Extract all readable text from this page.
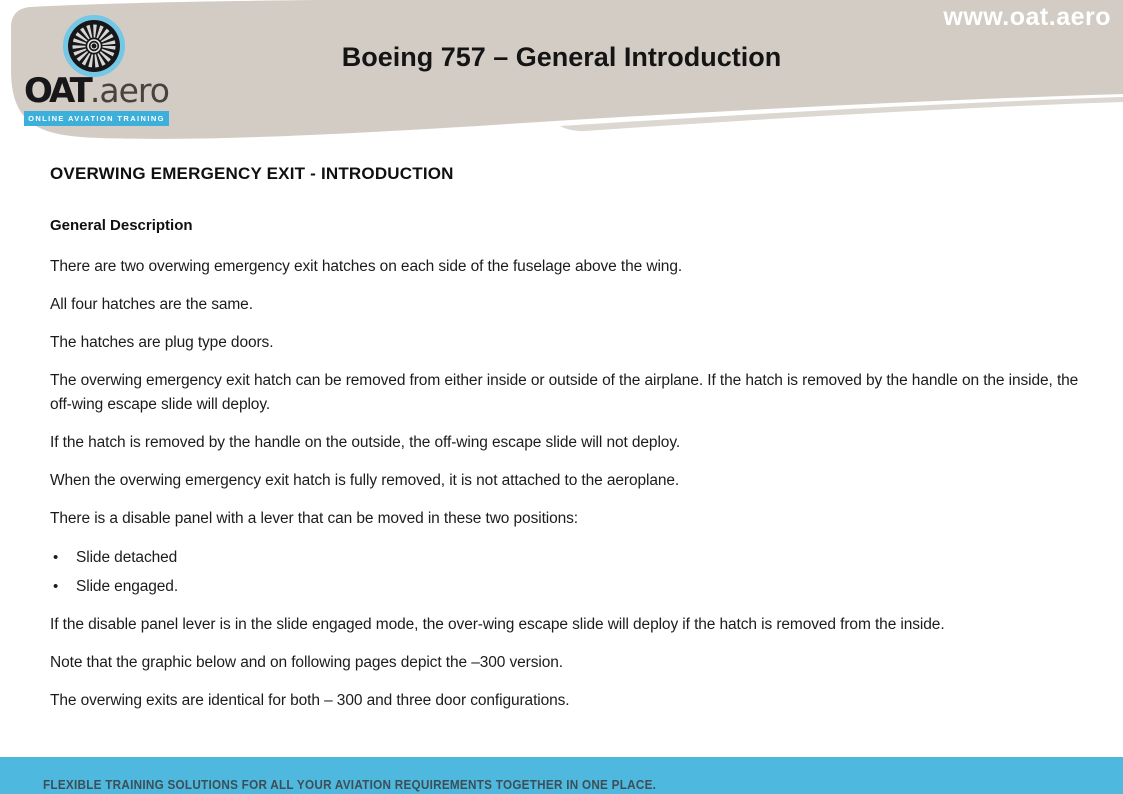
OAT.aero
ONLINE AVIATION TRAINING
Boeing 757 – General Introduction
www.oat.aero
OVERWING EMERGENCY EXIT - INTRODUCTION
General Description

There are two overwing emergency exit hatches on each side of the fuselage above the wing.

All four hatches are the same.

The hatches are plug type doors.

The overwing emergency exit hatch can be removed from either inside or outside of the airplane. If the hatch is removed by the handle on the inside, the off-wing escape slide will deploy.

If the hatch is removed by the handle on the outside, the off-wing escape slide will not deploy.

When the overwing emergency exit hatch is fully removed, it is not attached to the aeroplane.

There is a disable panel with a lever that can be moved in these two positions:

• Slide detached
• Slide engaged.

If the disable panel lever is in the slide engaged mode, the over-wing escape slide will deploy if the hatch is removed from the inside.

Note that the graphic below and on following pages depict the –300 version.

The overwing exits are identical for both – 300 and three door configurations.

FLEXIBLE TRAINING SOLUTIONS FOR ALL YOUR AVIATION REQUIREMENTS TOGETHER IN ONE PLACE.
